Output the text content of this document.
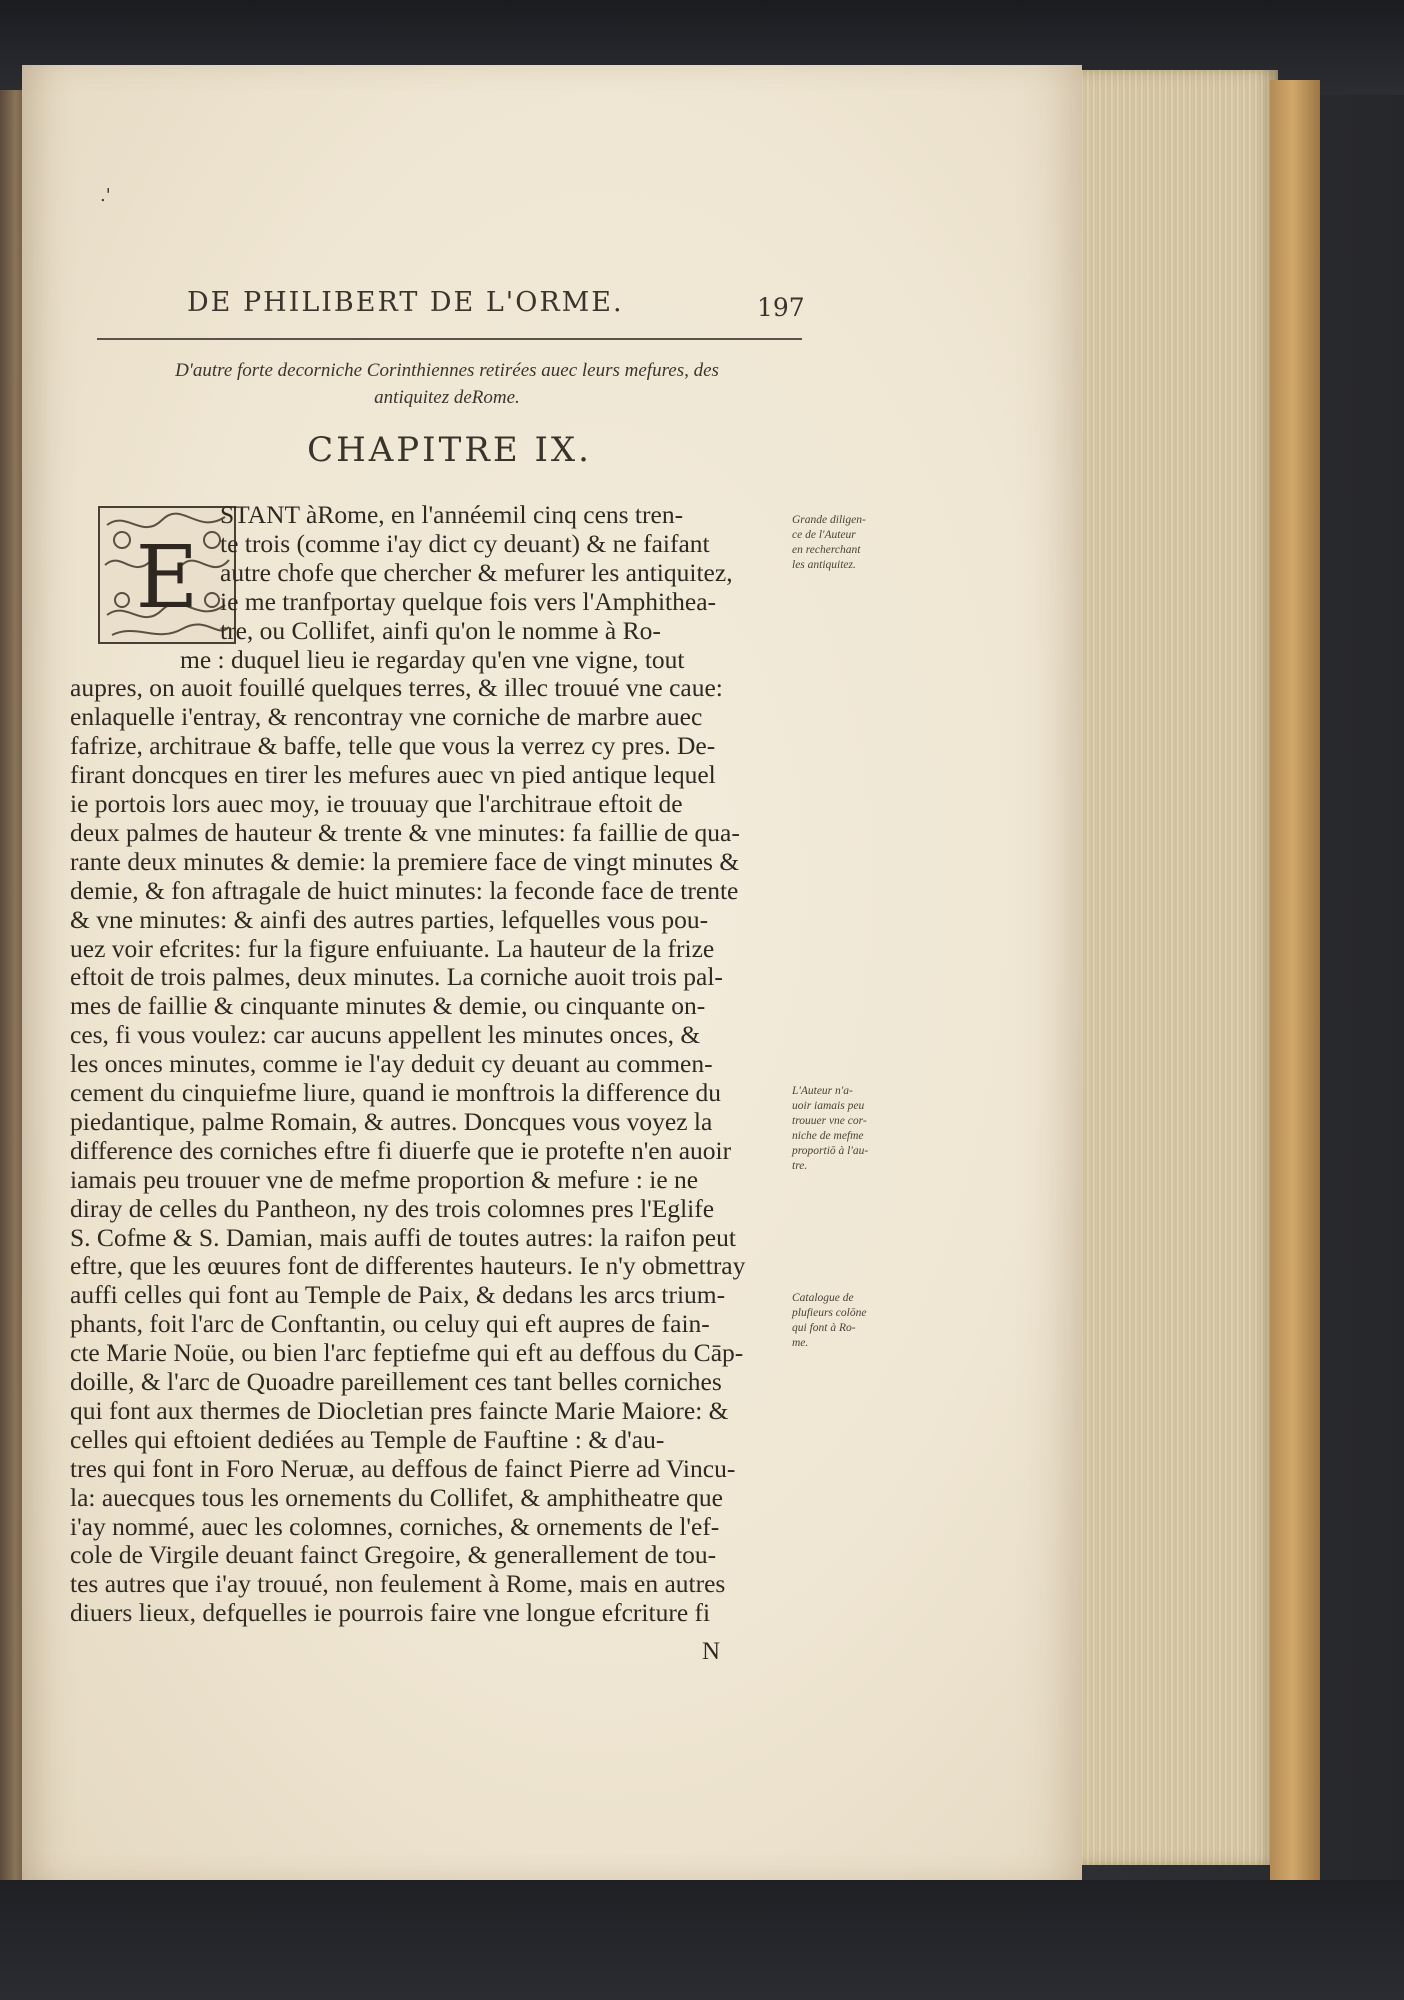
.'
DE PHILIBERT DE L'ORME.	197
D'autre forte decorniche Corinthiennes retirées auec leurs mefures, des
antiquitez deRome.
CHAPITRE IX.
E
STANT àRome, en l'annéemil cinq cens tren-
te trois (comme i'ay dict cy deuant) & ne faifant
autre chofe que chercher & mefurer les antiquitez,
ie me tranfportay quelque fois vers l'Amphithea-
tre, ou Collifet, ainfi qu'on le nomme à Ro-
me : duquel lieu ie regarday qu'en vne vigne, tout
aupres, on auoit fouillé quelques terres, & illec trouué vne caue:
enlaquelle i'entray, & rencontray vne corniche de marbre auec
fafrize, architraue & baffe, telle que vous la verrez cy pres. De-
firant doncques en tirer les mefures auec vn pied antique lequel
ie portois lors auec moy, ie trouuay que l'architraue eftoit de
deux palmes de hauteur & trente & vne minutes: fa faillie de qua-
rante deux minutes & demie: la premiere face de vingt minutes &
demie, & fon aftragale de huict minutes: la feconde face de trente
& vne minutes: & ainfi des autres parties, lefquelles vous pou-
uez voir efcrites: fur la figure enfuiuante. La hauteur de la frize
eftoit de trois palmes, deux minutes. La corniche auoit trois pal-
mes de faillie & cinquante minutes & demie, ou cinquante on-
ces, fi vous voulez: car aucuns appellent les minutes onces, &
les onces minutes, comme ie l'ay deduit cy deuant au commen-
cement du cinquiefme liure, quand ie monftrois la difference du
piedantique, palme Romain, & autres. Doncques vous voyez la
difference des corniches eftre fi diuerfe que ie protefte n'en auoir
iamais peu trouuer vne de mefme proportion & mefure : ie ne
diray de celles du Pantheon, ny des trois colomnes pres l'Eglife
S. Cofme & S. Damian, mais auffi de toutes autres: la raifon peut
eftre, que les œuures font de differentes hauteurs. Ie n'y obmettray
auffi celles qui font au Temple de Paix, & dedans les arcs trium-
phants, foit l'arc de Conftantin, ou celuy qui eft aupres de fain-
cte Marie Noüe, ou bien l'arc feptiefme qui eft au deffous du Cāp-
doille, & l'arc de Quoadre pareillement ces tant belles corniches
qui font aux thermes de Diocletian pres faincte Marie Maiore: &
celles qui eftoient dediées au Temple de Fauftine : & d'au-
tres qui font in Foro Neruæ, au deffous de fainct Pierre ad Vincu-
la: auecques tous les ornements du Collifet, & amphitheatre que
i'ay nommé, auec les colomnes, corniches, & ornements de l'ef-
cole de Virgile deuant fainct Gregoire, & generallement de tou-
tes autres que i'ay trouué, non feulement à Rome, mais en autres
diuers lieux, defquelles ie pourrois faire vne longue efcriture fi
Grande diligen-
ce de l'Auteur
en recherchant
les antiquitez.
L'Auteur n'a-
uoir iamais peu
trouuer vne cor-
niche de mefme
proportiō à l'au-
tre.
Catalogue de
plufieurs colōne
qui font à Ro-
me.
N
